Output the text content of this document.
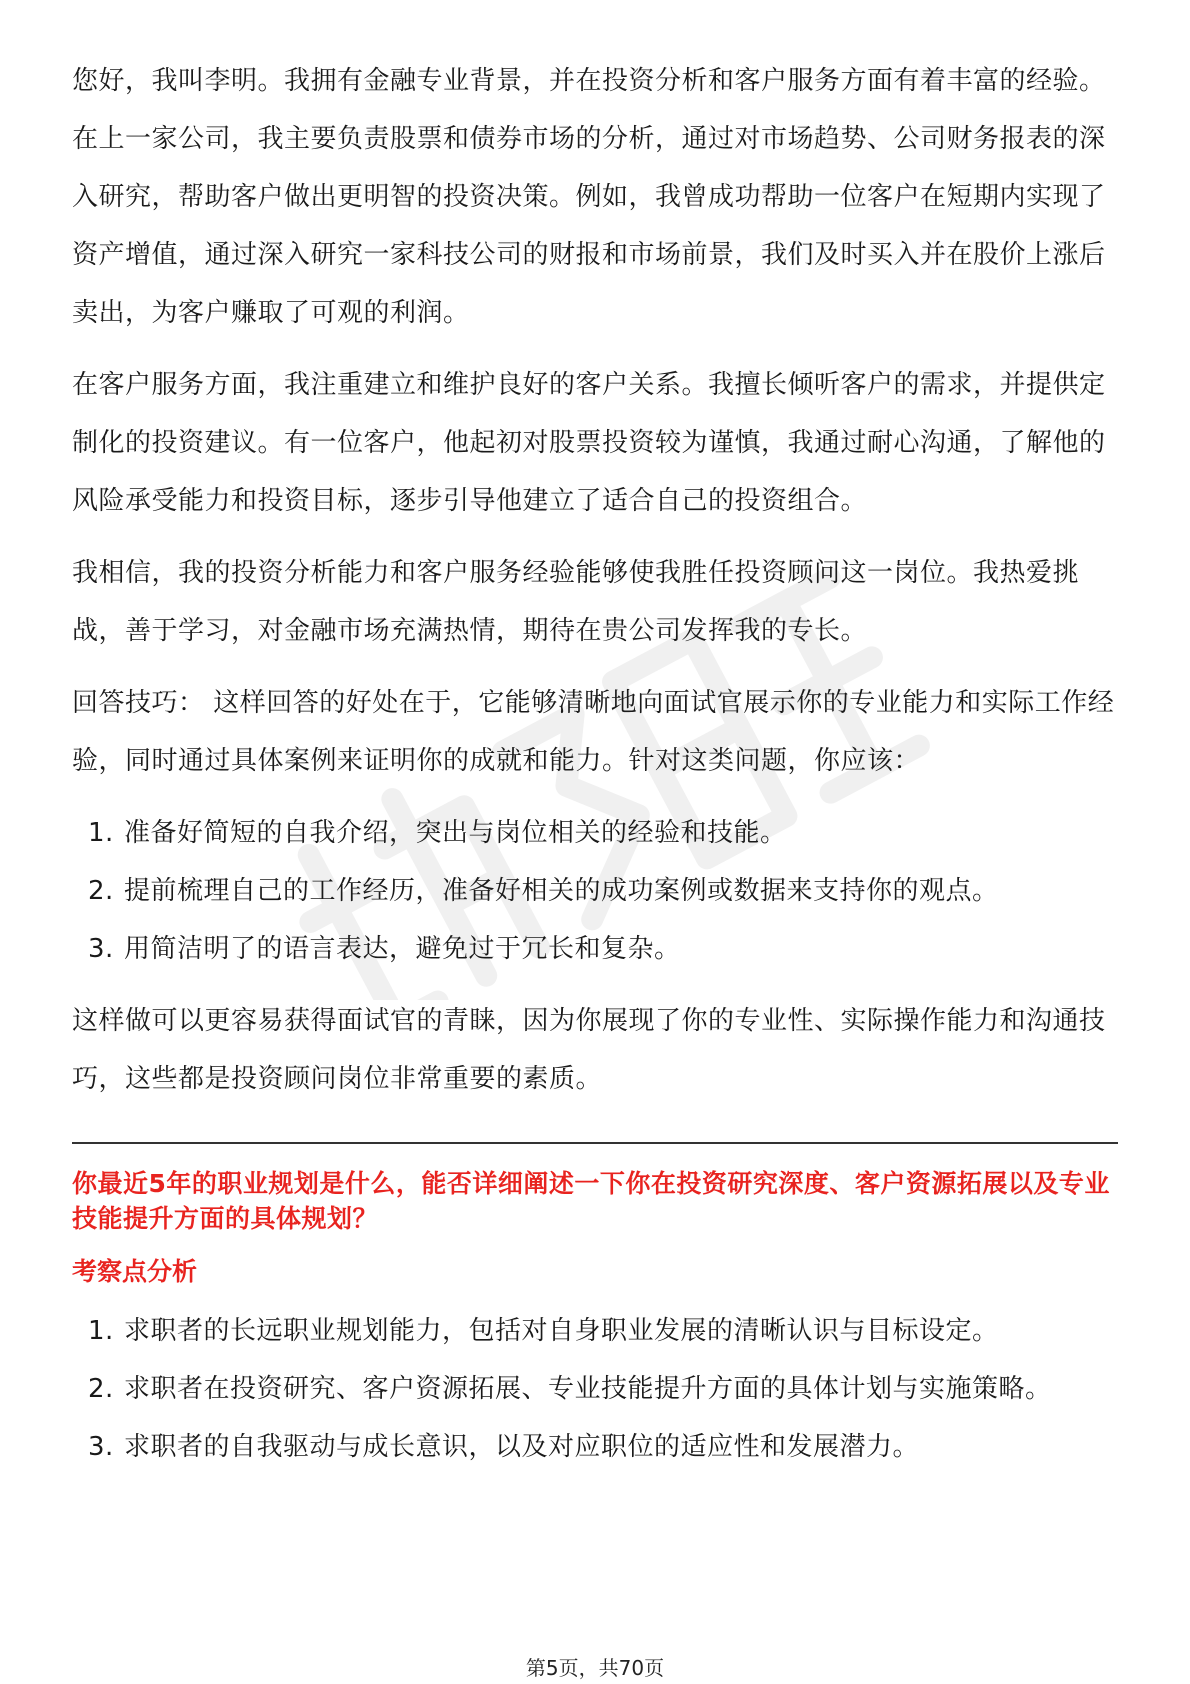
您好，我叫李明。我拥有金融专业背景，并在投资分析和客户服务方面有着丰富的经验。在上一家公司，我主要负责股票和债券市场的分析，通过对市场趋势、公司财务报表的深入研究，帮助客户做出更明智的投资决策。例如，我曾成功帮助一位客户在短期内实现了资产增值，通过深入研究一家科技公司的财报和市场前景，我们及时买入并在股价上涨后卖出，为客户赚取了可观的利润。

在客户服务方面，我注重建立和维护良好的客户关系。我擅长倾听客户的需求，并提供定制化的投资建议。有一位客户，他起初对股票投资较为谨慎，我通过耐心沟通，了解他的风险承受能力和投资目标，逐步引导他建立了适合自己的投资组合。

我相信，我的投资分析能力和客户服务经验能够使我胜任投资顾问这一岗位。我热爱挑战，善于学习，对金融市场充满热情，期待在贵公司发挥我的专长。

回答技巧： 这样回答的好处在于，它能够清晰地向面试官展示你的专业能力和实际工作经验，同时通过具体案例来证明你的成就和能力。针对这类问题，你应该：

1. 准备好简短的自我介绍，突出与岗位相关的经验和技能。
2. 提前梳理自己的工作经历，准备好相关的成功案例或数据来支持你的观点。
3. 用简洁明了的语言表达，避免过于冗长和复杂。

这样做可以更容易获得面试官的青睐，因为你展现了你的专业性、实际操作能力和沟通技巧，这些都是投资顾问岗位非常重要的素质。

你最近5年的职业规划是什么，能否详细阐述一下你在投资研究深度、客户资源拓展以及专业技能提升方面的具体规划？

考察点分析

1. 求职者的长远职业规划能力，包括对自身职业发展的清晰认识与目标设定。
2. 求职者在投资研究、客户资源拓展、专业技能提升方面的具体计划与实施策略。
3. 求职者的自我驱动与成长意识，以及对应职位的适应性和发展潜力。
第5页，共70页
